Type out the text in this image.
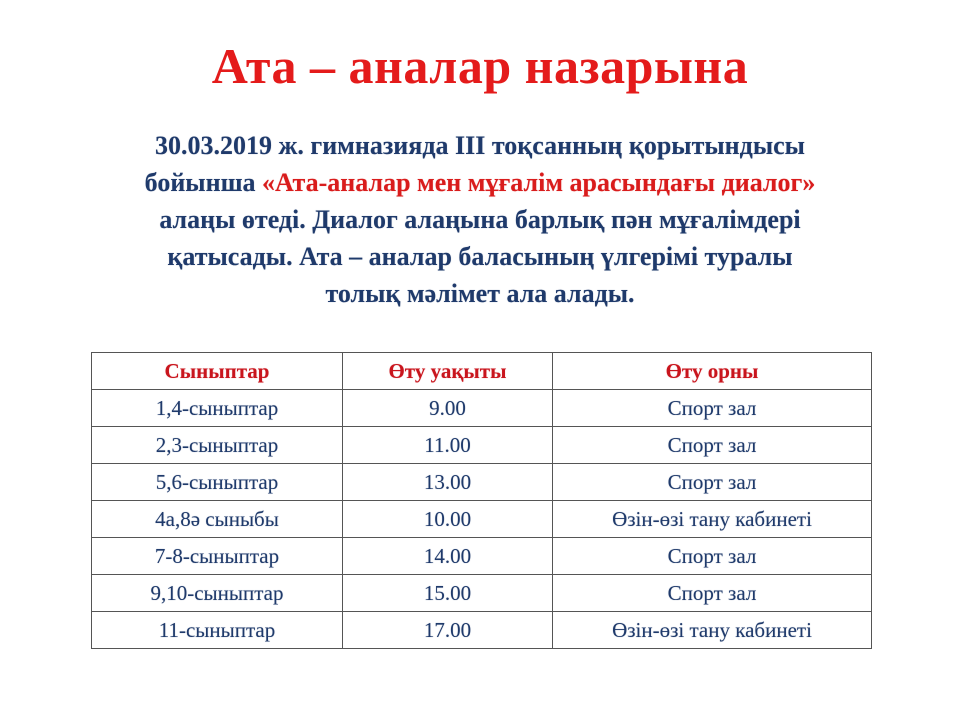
Ата – аналар назарына
30.03.2019 ж. гимназияда III тоқсанның қорытындысы
бойынша «Ата-аналар мен мұғалім арасындағы диалог»
алаңы өтеді. Диалог алаңына барлық пән мұғалімдері
қатысады. Ата – аналар баласының үлгерімі туралы
толық мәлімет ала алады.
Сыныптар	Өту уақыты	Өту орны
1,4-сыныптар	9.00	Спорт зал
2,3-сыныптар	11.00	Спорт зал
5,6-сыныптар	13.00	Спорт зал
4а,8ә сыныбы	10.00	Өзін-өзі тану кабинеті
7-8-сыныптар	14.00	Спорт зал
9,10-сыныптар	15.00	Спорт зал
11-сыныптар	17.00	Өзін-өзі тану кабинеті
